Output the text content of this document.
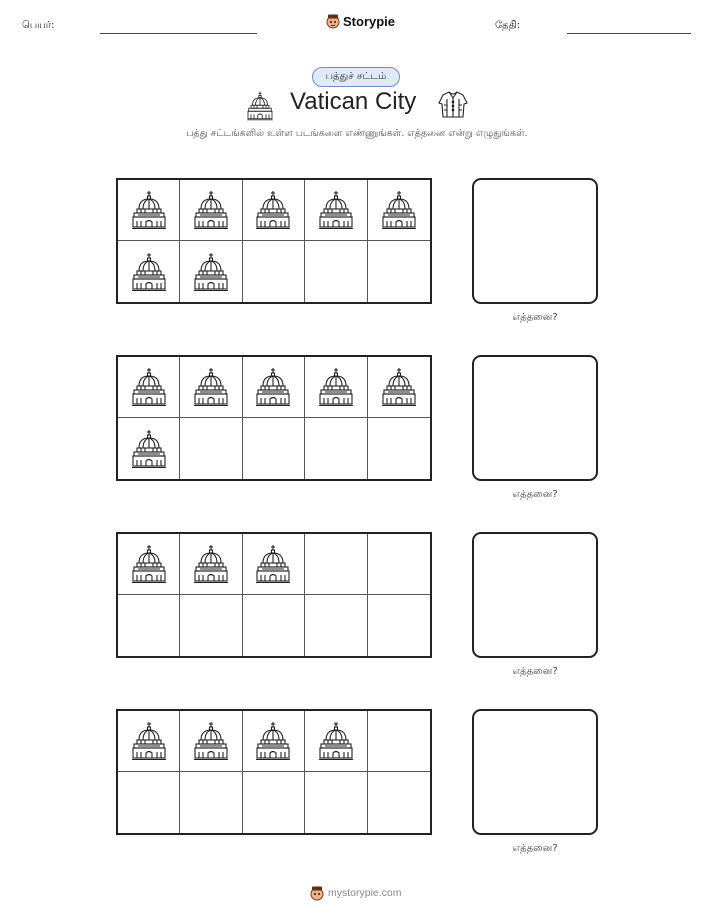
பெயர்:	Storypie	தேதி:
பத்துச் சட்டம்
Vatican City
பத்து சட்டங்களில் உள்ள படங்களை எண்ணுங்கள். எத்தனை என்று எழுதுங்கள்.
எத்தனை?
எத்தனை?
எத்தனை?
எத்தனை?
mystorypie.com
